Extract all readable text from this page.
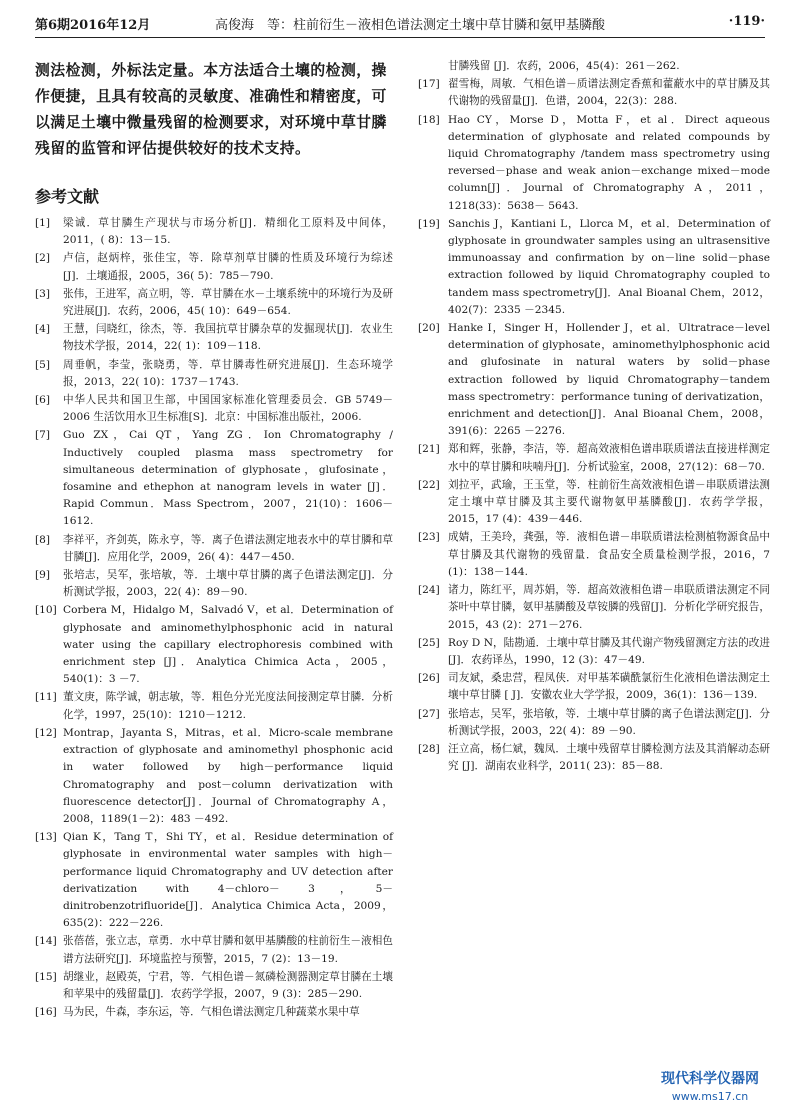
第6期2016年12月	高俊海　等：柱前衍生－液相色谱法测定土壤中草甘膦和氨甲基膦酸	·119·

测法检测，外标法定量。本方法适合土壤的检测，操作便捷，且具有较高的灵敏度、准确性和精密度，可以满足土壤中微量残留的检测要求，对环境中草甘膦残留的监管和评估提供较好的技术支持。

参考文献
[1] 梁诚．草甘膦生产现状与市场分析[J]．精细化工原料及中间体，2011，( 8)：13－15.
[2] 卢信，赵炳梓，张佳宝，等．除草剂草甘膦的性质及环境行为综述[J]．土壤通报，2005，36( 5)：785－790.
[3] 张伟，王进军，高立明，等．草甘膦在水－土壤系统中的环境行为及研究进展[J]．农药，2006，45( 10)：649－654.
[4] 王慧，闫晓红，徐杰，等．我国抗草甘膦杂草的发掘现状[J]．农业生物技术学报，2014，22( 1)：109－118.
[5] 周垂帆，李莹，张晓勇，等．草甘膦毒性研究进展[J]．生态环境学报，2013，22( 10)：1737－1743.
[6] 中华人民共和国卫生部，中国国家标准化管理委员会．GB 5749－2006 生活饮用水卫生标准[S]．北京：中国标准出版社，2006.
[7] Guo ZX，Cai QT，Yang ZG．Ion Chromatography / Inductively coupled plasma mass spectrometry for simultaneous determination of glyphosate，glufosinate，fosamine and ethephon at nanogram levels in water [J]．Rapid Commun．Mass Spectrom，2007，21(10)：1606－1612.
[8] 李祥平，齐剑英，陈永亨，等．离子色谱法测定地表水中的草甘膦和草甘膦[J]．应用化学，2009，26( 4)：447－450.
[9] 张培志，吴军，张培敏，等．土壤中草甘膦的离子色谱法测定[J]．分析测试学报，2003，22( 4)：89－90.
[10] Corbera M，Hidalgo M，Salvadó V，et al．Determination of glyphosate and aminomethylphosphonic acid in natural water using the capillary electrophoresis combined with enrichment step [J]．Analytica Chimica Acta，2005，540(1)：3 －7.
[11] 董文庚，陈学诚，朝志敏，等．粗色分光光度法间接测定草甘膦．分析化学，1997，25(10)：1210－1212.
[12] Montrap，Jayanta S，Mitras，et al．Micro-scale membrane extraction of glyphosate and aminomethyl phosphonic acid in water followed by high－performance liquid Chromatography and post－column derivatization with fluorescence detector[J]．Journal of Chromatography A，2008，1189(1－2)：483 －492.
[13] Qian K，Tang T，Shi TY，et al．Residue determination of glyphosate in environmental water samples with high－performance liquid Chromatography and UV detection after derivatization with 4－chloro－ 3，5－dinitrobenzotrifluoride[J]．Analytica Chimica Acta，2009，635(2)：222－226.
[14] 张蓓蓓，张立志，章勇．水中草甘膦和氨甲基膦酸的柱前衍生－液相色谱方法研究[J]．环境监控与预警，2015，7 (2)：13－19.
[15] 胡继业，赵殿英，宁君，等．气相色谱－氮磷检测器测定草甘膦在土壤和苹果中的残留量[J]．农药学学报，2007，9 (3)：285－290.
[16] 马为民，牛森，李东运，等．气相色谱法测定几种蔬菜水果中草
甘膦残留 [J]．农药，2006，45(4)：261－262.
[17] 翟雪梅，周敏．气相色谱－质谱法测定香蕉和藿蔽水中的草甘膦及其代谢物的残留量[J]．色谱，2004，22(3)：288.
[18] Hao CY，Morse D，Motta F，et al．Direct aqueous determination of glyphosate and related compounds by liquid Chromatography /tandem mass spectrometry using reversed－phase and weak anion－exchange mixed－mode column[J]．Journal of Chromatography A，2011，1218(33)：5638－ 5643.
[19] Sanchis J，Kantiani L，Llorca M，et al．Determination of glyphosate in groundwater samples using an ultrasensitive immunoassay and confirmation by on－line solid－phase extraction followed by liquid Chromatography coupled to tandem mass spectrometry[J]．Anal Bioanal Chem，2012，402(7)：2335 －2345.
[20] Hanke I，Singer H，Hollender J，et al．Ultratrace－level determination of glyphosate，aminomethylphosphonic acid and glufosinate in natural waters by solid－phase extraction followed by liquid Chromatography－tandem mass spectrometry：performance tuning of derivatization，enrichment and detection[J]．Anal Bioanal Chem，2008，391(6)：2265 －2276.
[21] 郑和辉，张静，李洁，等．超高效液相色谱串联质谱法直接进样测定水中的草甘膦和呋喃丹[J]．分析试验室，2008，27(12)：68－70.
[22] 刘拉平，武瑜，王玉堂，等．柱前衍生高效液相色谱－串联质谱法测定土壤中草甘膦及其主要代谢物氨甲基膦酸[J]．农药学学报，2015，17 (4)：439－446.
[23] 成婧，王美玲，龚强，等．液相色谱－串联质谱法检测植物源食品中草甘膦及其代谢物的残留量．食品安全质量检测学报，2016，7 (1)：138－144.
[24] 诸力，陈红平，周苏娟，等．超高效液相色谱－串联质谱法测定不同茶叶中草甘膦，氨甲基膦酸及草铵膦的残留[J]．分析化学研究报告，2015，43 (2)：271－276.
[25] Roy D N，陆勘通．土壤中草甘膦及其代谢产物残留测定方法的改进[J]．农药译丛，1990，12 (3)：47－49.
[26] 司友斌，桑忠营，程凤侠．对甲基苯磺酰氯衍生化液相色谱法测定土壤中草甘膦 [ J]．安徽农业大学学报，2009，36(1)：136－139.
[27] 张培志，吴军，张培敏，等．土壤中草甘膦的离子色谱法测定[J]．分析测试学报，2003，22( 4)：89 －90.
[28] 汪立高，杨仁斌，魏凤．土壤中残留草甘膦检测方法及其消解动态研究 [J]．湖南农业科学，2011( 23)：85－88.
现代科学仪器网
www.ms17.cn
